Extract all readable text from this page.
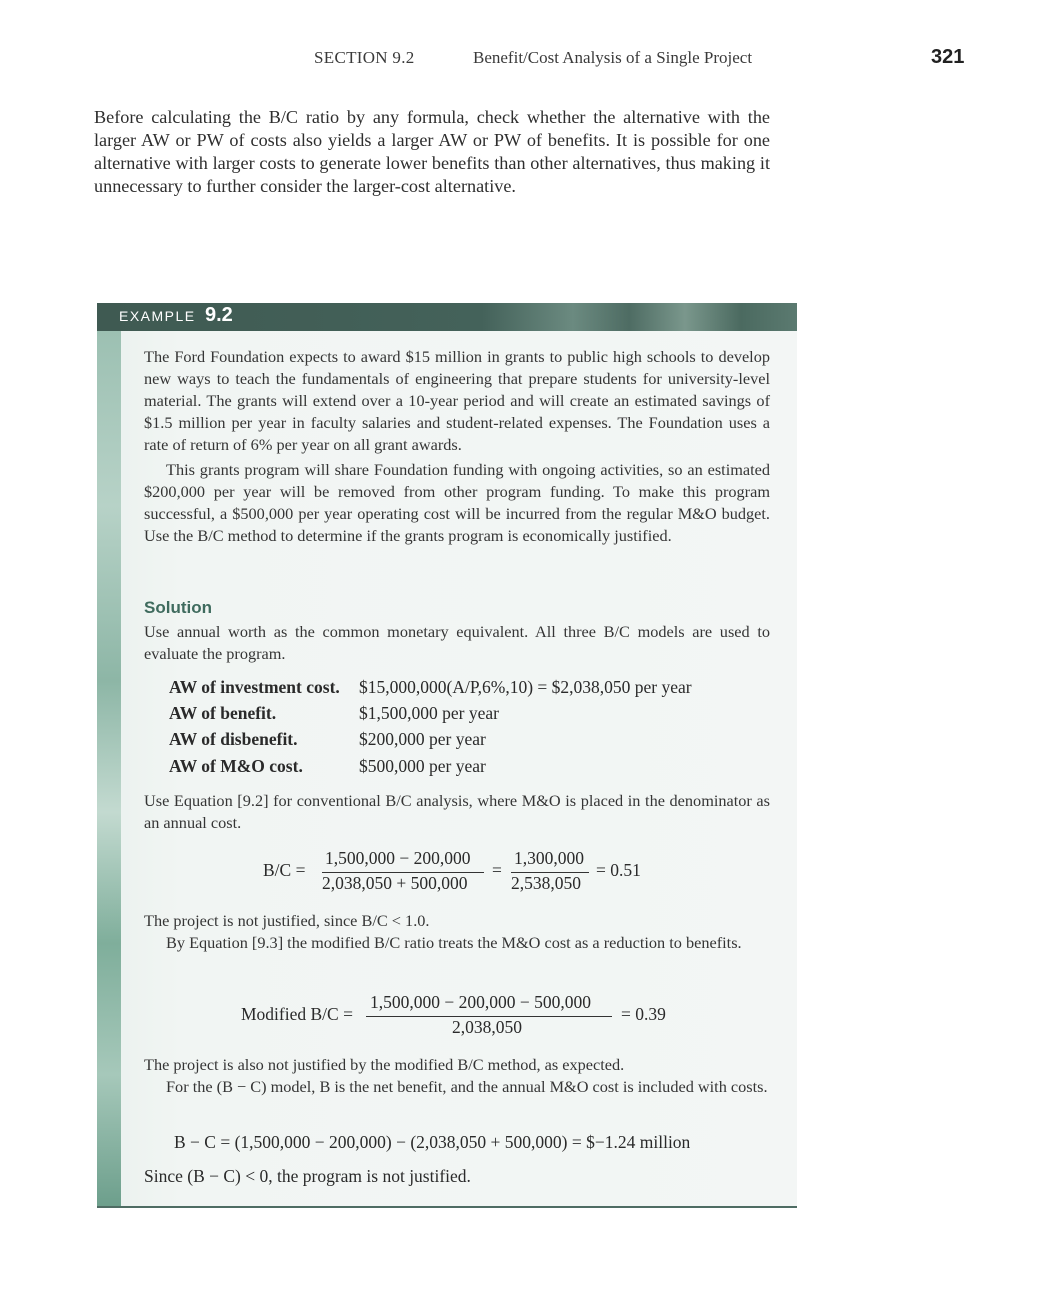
SECTION 9.2	Benefit/Cost Analysis of a Single Project	321
Before calculating the B/C ratio by any formula, check whether the alternative with the larger AW or PW of costs also yields a larger AW or PW of benefits. It is possible for one alternative with larger costs to generate lower benefits than other alternatives, thus making it unnecessary to further consider the larger-cost alternative.
EXAMPLE 9.2
The Ford Foundation expects to award $15 million in grants to public high schools to develop new ways to teach the fundamentals of engineering that prepare students for university-level material. The grants will extend over a 10-year period and will create an estimated savings of $1.5 million per year in faculty salaries and student-related expenses. The Foundation uses a rate of return of 6% per year on all grant awards.
This grants program will share Foundation funding with ongoing activities, so an estimated $200,000 per year will be removed from other program funding. To make this program successful, a $500,000 per year operating cost will be incurred from the regular M&O budget. Use the B/C method to determine if the grants program is economically justified.
Solution
Use annual worth as the common monetary equivalent. All three B/C models are used to evaluate the program.
AW of investment cost. $15,000,000(A/P,6%,10) = $2,038,050 per year
AW of benefit.	$1,500,000 per year
AW of disbenefit.	$200,000 per year
AW of M&O cost.	$500,000 per year
Use Equation [9.2] for conventional B/C analysis, where M&O is placed in the denominator as an annual cost.
B/C =
1,500,000 − 200,000
2,038,050 + 500,000
=
1,300,000
2,538,050
= 0.51
The project is not justified, since B/C < 1.0.
By Equation [9.3] the modified B/C ratio treats the M&O cost as a reduction to benefits.
Modified B/C =
1,500,000 − 200,000 − 500,000
2,038,050
= 0.39
The project is also not justified by the modified B/C method, as expected.
For the (B − C) model, B is the net benefit, and the annual M&O cost is included with costs.
B − C = (1,500,000 − 200,000) − (2,038,050 + 500,000) = $−1.24 million
Since (B − C) < 0, the program is not justified.
